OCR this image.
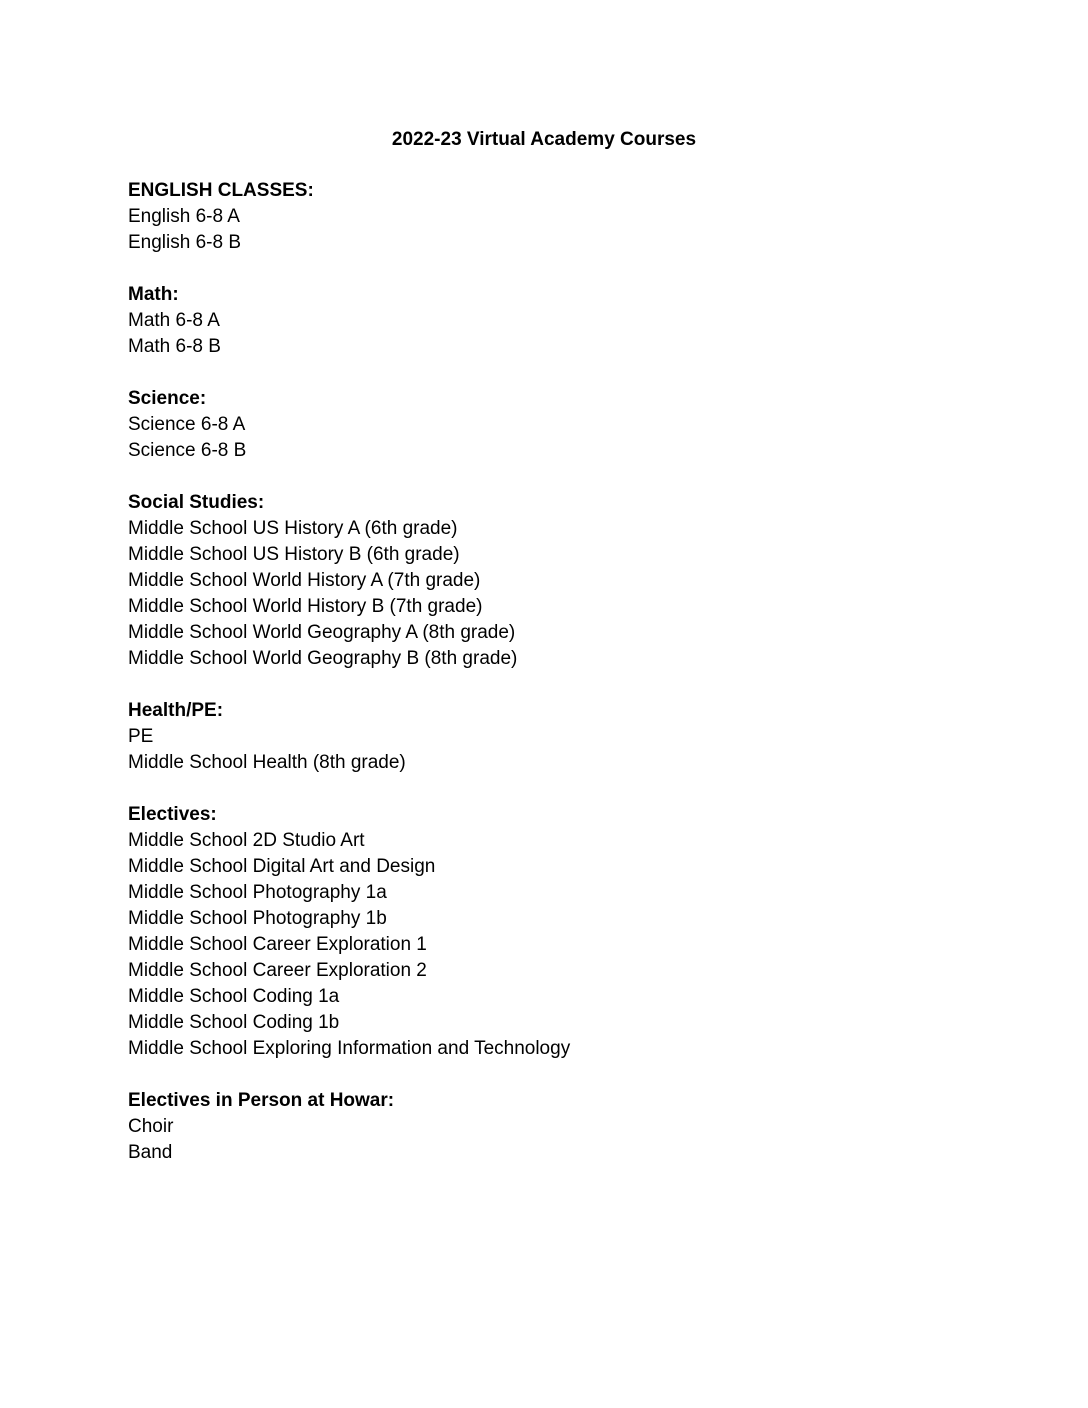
2022-23 Virtual Academy Courses
ENGLISH CLASSES:
English 6-8 A
English 6-8 B
Math:
Math 6-8 A
Math 6-8 B
Science:
Science 6-8 A
Science 6-8 B
Social Studies:
Middle School US History A (6th grade)
Middle School US History B (6th grade)
Middle School World History A (7th grade)
Middle School World History B (7th grade)
Middle School World Geography A (8th grade)
Middle School World Geography B (8th grade)
Health/PE:
PE
Middle School Health (8th grade)
Electives:
Middle School 2D Studio Art
Middle School Digital Art and Design
Middle School Photography 1a
Middle School Photography 1b
Middle School Career Exploration 1
Middle School Career Exploration 2
Middle School Coding 1a
Middle School Coding 1b
Middle School Exploring Information and Technology
Electives in Person at Howar:
Choir
Band
